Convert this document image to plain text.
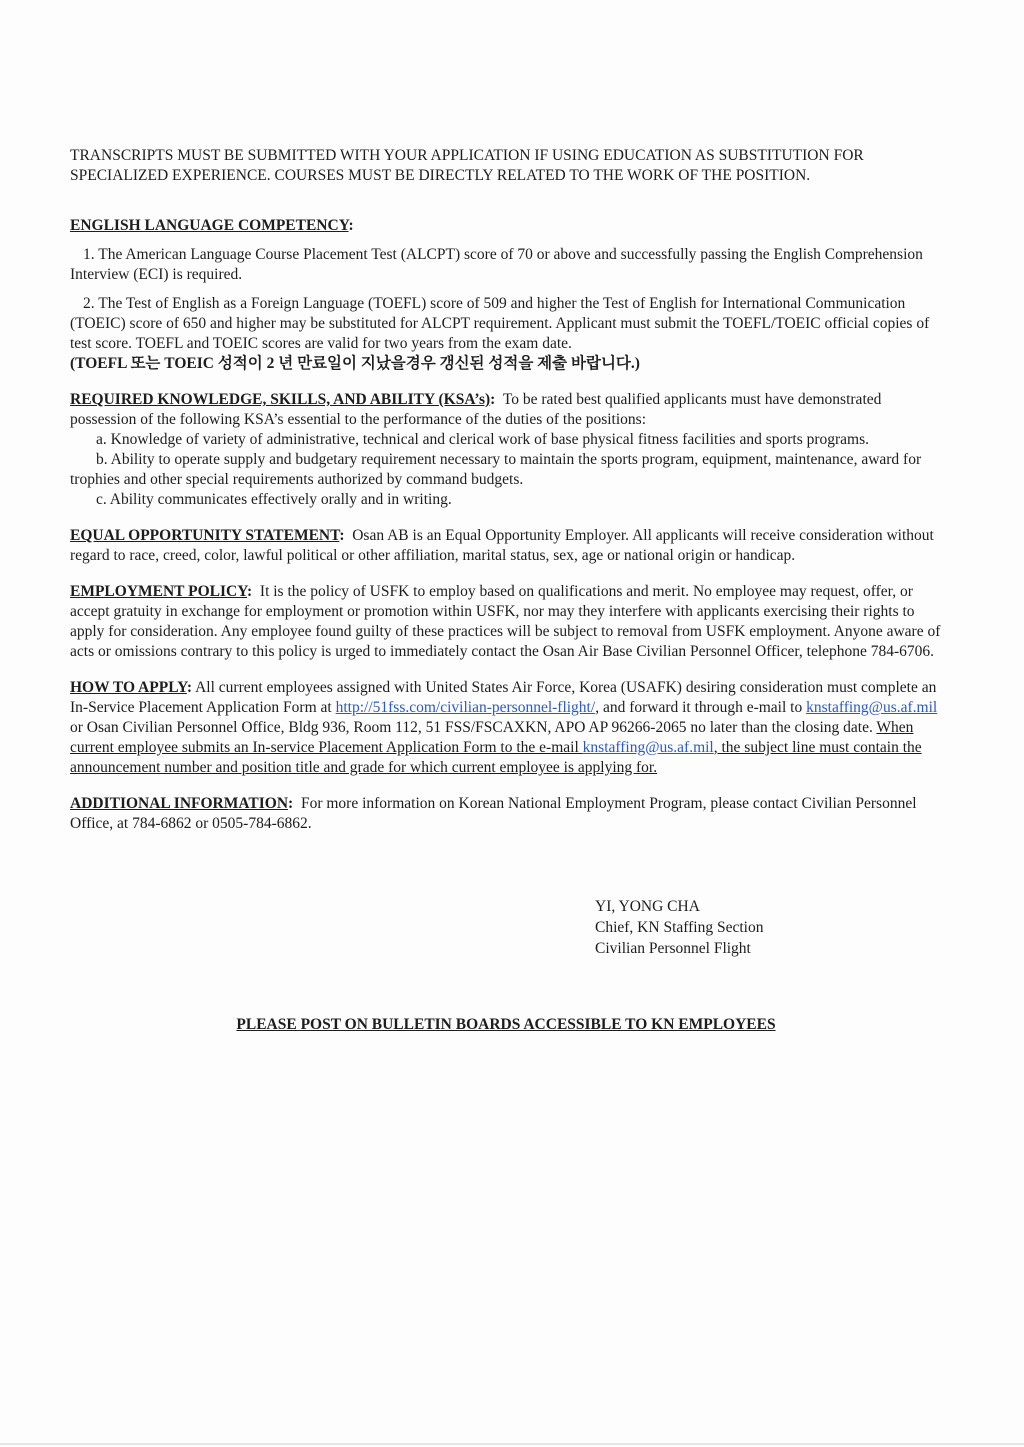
TRANSCRIPTS MUST BE SUBMITTED WITH YOUR APPLICATION IF USING EDUCATION AS SUBSTITUTION FOR SPECIALIZED EXPERIENCE. COURSES MUST BE DIRECTLY RELATED TO THE WORK OF THE POSITION.

ENGLISH LANGUAGE COMPETENCY:

1. The American Language Course Placement Test (ALCPT) score of 70 or above and successfully passing the English Comprehension Interview (ECI) is required.

2. The Test of English as a Foreign Language (TOEFL) score of 509 and higher the Test of English for International Communication (TOEIC) score of 650 and higher may be substituted for ALCPT requirement. Applicant must submit the TOEFL/TOEIC official copies of test score. TOEFL and TOEIC scores are valid for two years from the exam date.

(TOEFL 또는 TOEIC 성적이 2 년 만료일이 지났을경우 갱신된 성적을 제출 바랍니다.)

REQUIRED KNOWLEDGE, SKILLS, AND ABILITY (KSA’s): To be rated best qualified applicants must have demonstrated possession of the following KSA’s essential to the performance of the duties of the positions:

a. Knowledge of variety of administrative, technical and clerical work of base physical fitness facilities and sports programs.

b. Ability to operate supply and budgetary requirement necessary to maintain the sports program, equipment, maintenance, award for trophies and other special requirements authorized by command budgets.

c. Ability communicates effectively orally and in writing.

EQUAL OPPORTUNITY STATEMENT: Osan AB is an Equal Opportunity Employer. All applicants will receive consideration without regard to race, creed, color, lawful political or other affiliation, marital status, sex, age or national origin or handicap.

EMPLOYMENT POLICY: It is the policy of USFK to employ based on qualifications and merit. No employee may request, offer, or accept gratuity in exchange for employment or promotion within USFK, nor may they interfere with applicants exercising their rights to apply for consideration. Any employee found guilty of these practices will be subject to removal from USFK employment. Anyone aware of acts or omissions contrary to this policy is urged to immediately contact the Osan Air Base Civilian Personnel Officer, telephone 784-6706.

HOW TO APPLY: All current employees assigned with United States Air Force, Korea (USAFK) desiring consideration must complete an In-Service Placement Application Form at http://51fss.com/civilian-personnel-flight/, and forward it through e-mail to knstaffing@us.af.mil or Osan Civilian Personnel Office, Bldg 936, Room 112, 51 FSS/FSCAXKN, APO AP 96266-2065 no later than the closing date. When current employee submits an In-service Placement Application Form to the e-mail knstaffing@us.af.mil, the subject line must contain the announcement number and position title and grade for which current employee is applying for.

ADDITIONAL INFORMATION: For more information on Korean National Employment Program, please contact Civilian Personnel Office, at 784-6862 or 0505-784-6862.

YI, YONG CHA

Chief, KN Staffing Section

Civilian Personnel Flight

PLEASE POST ON BULLETIN BOARDS ACCESSIBLE TO KN EMPLOYEES
